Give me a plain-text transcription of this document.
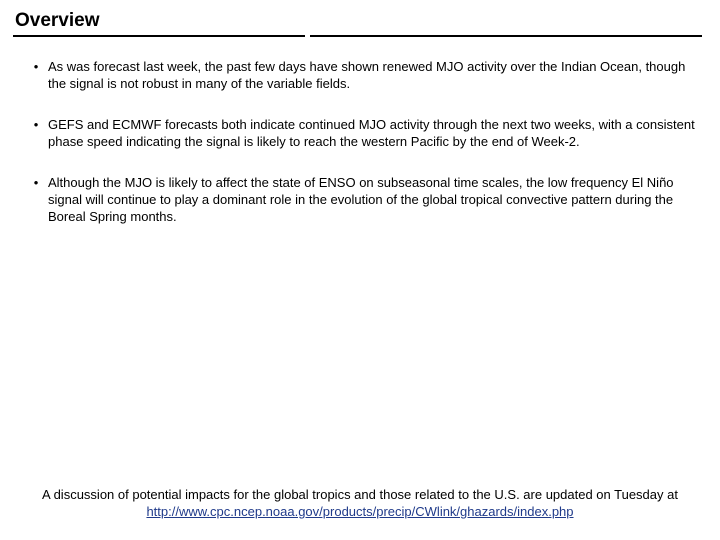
Overview
• As was forecast last week, the past few days have shown renewed MJO activity over the Indian Ocean, though the signal is not robust in many of the variable fields.
• GEFS and ECMWF forecasts both indicate continued MJO activity through the next two weeks, with a consistent phase speed indicating the signal is likely to reach the western Pacific by the end of Week-2.
• Although the MJO is likely to affect the state of ENSO on subseasonal time scales, the low frequency El Niño signal will continue to play a dominant role in the evolution of the global tropical convective pattern during the Boreal Spring months.
A discussion of potential impacts for the global tropics and those related to the U.S. are updated on Tuesday at
http://www.cpc.ncep.noaa.gov/products/precip/CWlink/ghazards/index.php
